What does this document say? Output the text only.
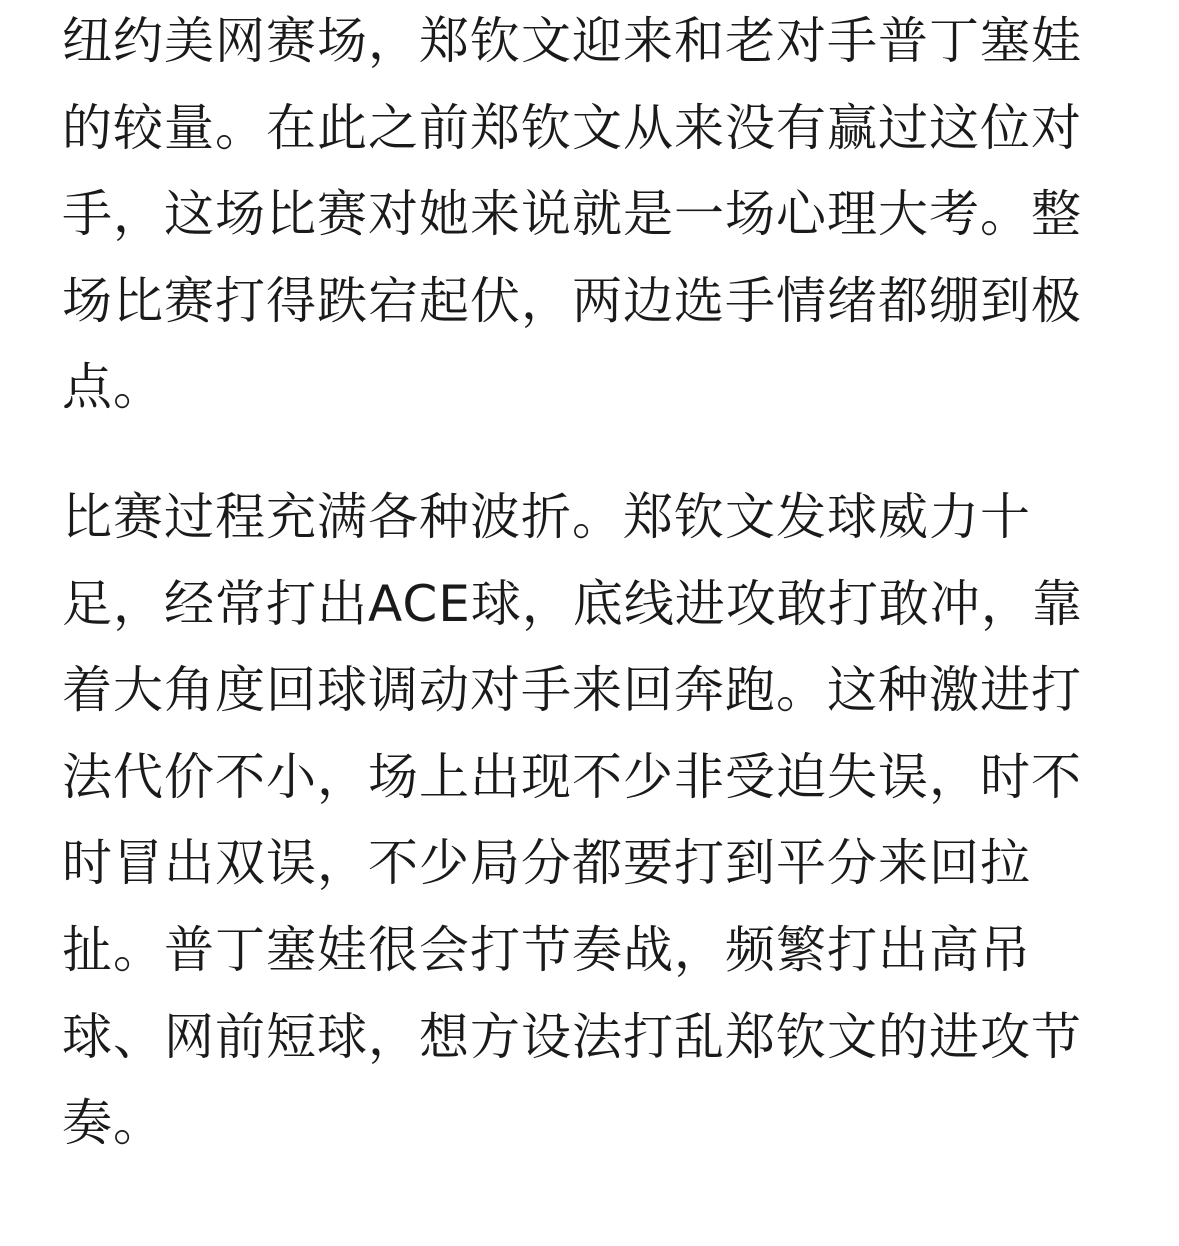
纽约美网赛场，郑钦文迎来和老对手普丁塞娃
的较量。在此之前郑钦文从来没有赢过这位对
手，这场比赛对她来说就是一场心理大考。整
场比赛打得跌宕起伏，两边选手情绪都绷到极
点。
比赛过程充满各种波折。郑钦文发球威力十
足，经常打出ACE球，底线进攻敢打敢冲，靠
着大角度回球调动对手来回奔跑。这种激进打
法代价不小，场上出现不少非受迫失误，时不
时冒出双误，不少局分都要打到平分来回拉
扯。普丁塞娃很会打节奏战，频繁打出高吊
球、网前短球，想方设法打乱郑钦文的进攻节
奏。
